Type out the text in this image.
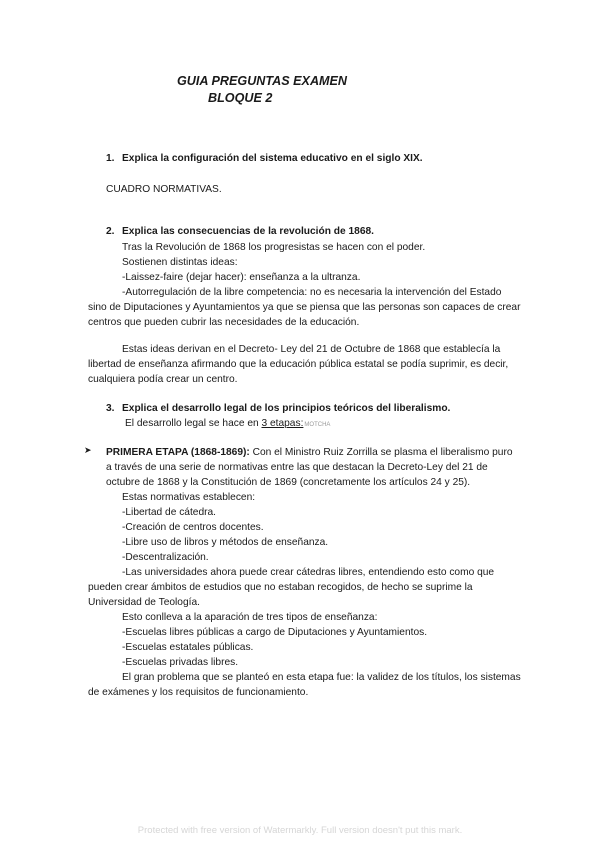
GUIA PREGUNTAS EXAMEN
BLOQUE 2
1. Explica la configuración del sistema educativo en el siglo XIX.
CUADRO NORMATIVAS.
2. Explica las consecuencias de la revolución de 1868.
Tras la Revolución de 1868 los progresistas se hacen con el poder.
Sostienen distintas ideas:
-Laissez-faire (dejar hacer): enseñanza a la ultranza.
-Autorregulación de la libre competencia: no es necesaria la intervención del Estado
sino de Diputaciones y Ayuntamientos ya que se piensa que las personas son capaces de crear
centros que pueden cubrir las necesidades de la educación.
Estas ideas derivan en el Decreto- Ley del 21 de Octubre de 1868 que establecía la
libertad de enseñanza afirmando que la educación pública estatal se podía suprimir, es decir,
cualquiera podía crear un centro.
3. Explica el desarrollo legal de los principios teóricos del liberalismo.
El desarrollo legal se hace en 3 etapas:MOTCHA
➤ PRIMERA ETAPA (1868-1869): Con el Ministro Ruiz Zorrilla se plasma el liberalismo puro
a través de una serie de normativas entre las que destacan la Decreto-Ley del 21 de
octubre de 1868 y la Constitución de 1869 (concretamente los artículos 24 y 25).
Estas normativas establecen:
-Libertad de cátedra.
-Creación de centros docentes.
-Libre uso de libros y métodos de enseñanza.
-Descentralización.
-Las universidades ahora puede crear cátedras libres, entendiendo esto como que
pueden crear ámbitos de estudios que no estaban recogidos, de hecho se suprime la
Universidad de Teología.
Esto conlleva a la aparación de tres tipos de enseñanza:
-Escuelas libres públicas a cargo de Diputaciones y Ayuntamientos.
-Escuelas estatales públicas.
-Escuelas privadas libres.
El gran problema que se planteó en esta etapa fue: la validez de los títulos, los sistemas
de exámenes y los requisitos de funcionamiento.
Protected with free version of Watermarkly. Full version doesn't put this mark.
